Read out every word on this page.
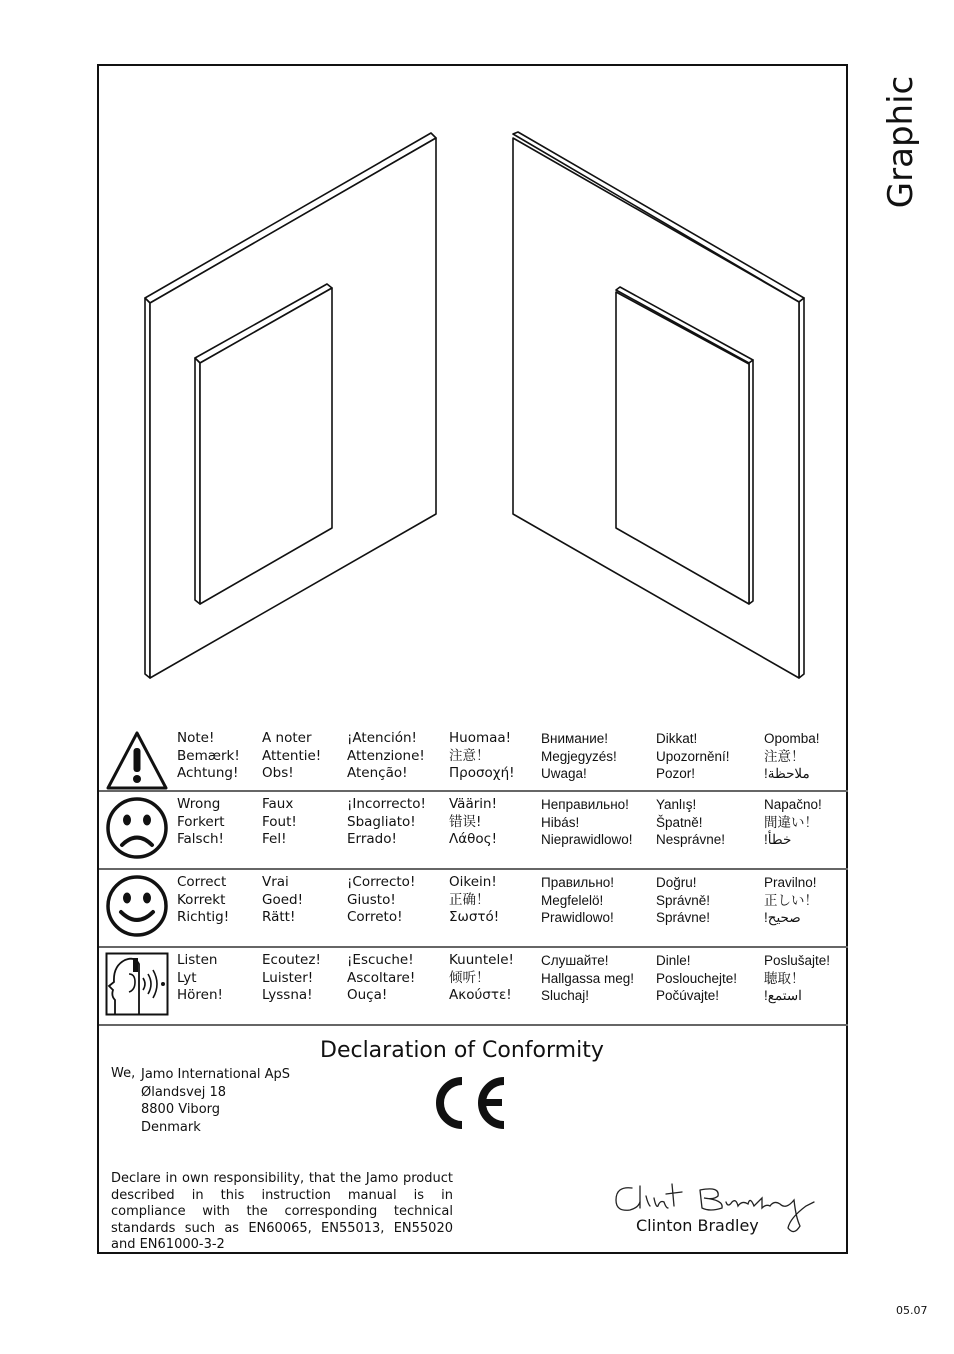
Graphic
Note!
Bemærk!
Achtung!
A noter
Attentie!
Obs!
¡Atención!
Attenzione!
Atenção!
Huomaa!
注意！
Προσοχή!
Внимание!
Megjegyzés!
Uwaga!
Dikkat!
Upozornění!
Pozor!
Opomba!
注意！
!ملاحظة
Wrong
Forkert
Falsch!
Faux
Fout!
Fel!
¡Incorrecto!
Sbagliato!
Errado!
Väärin!
错误!
Λάθος!
Неправильно!
Hibás!
Nieprawidlowo!
Yanlış!
Špatně!
Nesprávne!
Napačno!
間違い！
!خطأ
Correct
Korrekt
Richtig!
Vrai
Goed!
Rätt!
¡Correcto!
Giusto!
Correto!
Oikein!
正确！
Σωστό!
Правильно!
Megfelelö!
Prawidlowo!
Doğru!
Správně!
Správne!
Pravilno!
正しい！
!صحيح
Listen
Lyt
Hören!
Ecoutez!
Luister!
Lyssna!
¡Escuche!
Ascoltare!
Ouça!
Kuuntele!
倾听！
Ακούστε!
Слушайте!
Hallgassa meg!
Sluchaj!
Dinle!
Poslouchejte!
Počúvajte!
Poslušajte!
聴取！
!استمع
Declaration of Conformity
We, Jamo International ApS
Ølandsvej 18
8800 Viborg
Denmark
Declare in own responsibility, that the Jamo product described in this instruction manual is in compliance with the corresponding technical standards such as EN60065, EN55013, EN55020 and EN61000-3-2
Clinton Bradley
05.07
